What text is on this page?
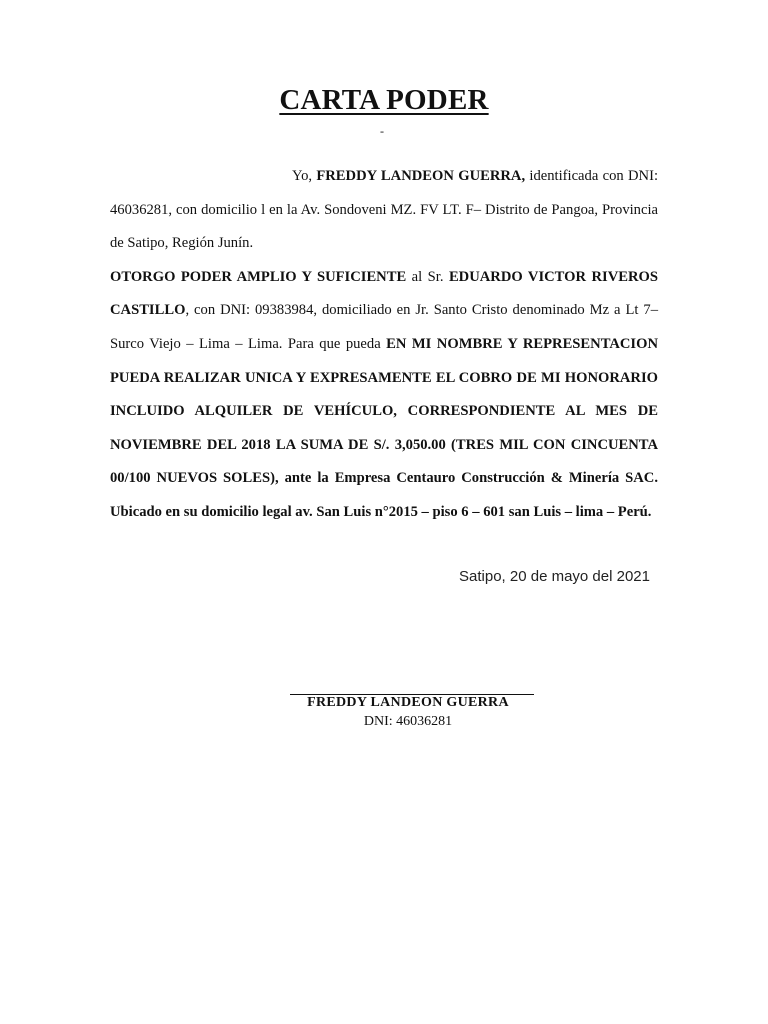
CARTA PODER
-

Yo, FREDDY LANDEON GUERRA, identificada con DNI: 46036281, con domicilio l en la Av. Sondoveni MZ. FV LT. F– Distrito de Pangoa, Provincia de Satipo, Región Junín.

OTORGO PODER AMPLIO Y SUFICIENTE al Sr. EDUARDO VICTOR RIVEROS CASTILLO, con DNI: 09383984, domiciliado en Jr. Santo Cristo denominado Mz a Lt 7– Surco Viejo – Lima – Lima. Para que pueda EN MI NOMBRE Y REPRESENTACION PUEDA REALIZAR UNICA Y EXPRESAMENTE EL COBRO DE MI HONORARIO INCLUIDO ALQUILER DE VEHÍCULO, CORRESPONDIENTE AL MES DE NOVIEMBRE DEL 2018 LA SUMA DE S/. 3,050.00 (TRES MIL CON CINCUENTA 00/100 NUEVOS SOLES), ante la Empresa Centauro Construcción & Minería SAC. Ubicado en su domicilio legal av. San Luis n°2015 – piso 6 – 601 san Luis – lima – Perú.

Satipo, 20 de mayo del 2021
FREDDY LANDEON GUERRA
DNI: 46036281
